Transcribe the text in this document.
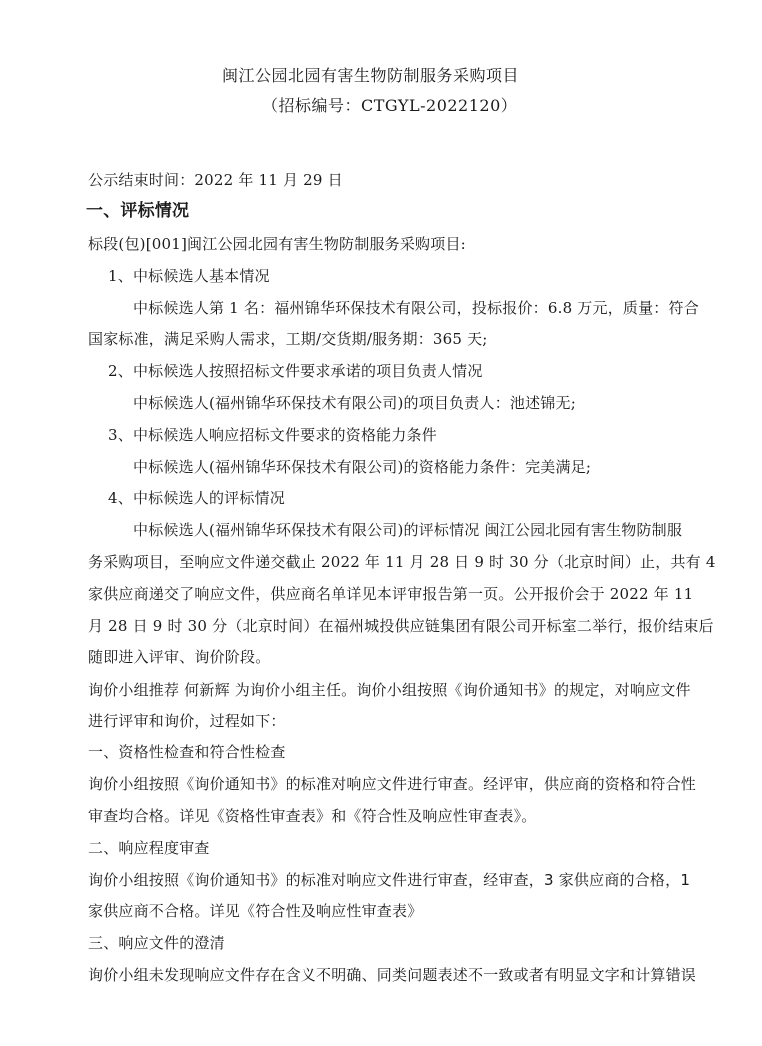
闽江公园北园有害生物防制服务采购项目
（招标编号：CTGYL-2022120）
公示结束时间：2022 年 11 月 29 日
一、评标情况
标段(包)[001]闽江公园北园有害生物防制服务采购项目:
1、中标候选人基本情况
中标候选人第 1 名：福州锦华环保技术有限公司，投标报价：6.8 万元，质量：符合
国家标准，满足采购人需求，工期/交货期/服务期：365 天;
2、中标候选人按照招标文件要求承诺的项目负责人情况
中标候选人(福州锦华环保技术有限公司)的项目负责人：池述锦无;
3、中标候选人响应招标文件要求的资格能力条件
中标候选人(福州锦华环保技术有限公司)的资格能力条件：完美满足;
4、中标候选人的评标情况
中标候选人(福州锦华环保技术有限公司)的评标情况 闽江公园北园有害生物防制服
务采购项目，至响应文件递交截止 2022 年 11 月 28 日 9 时 30 分（北京时间）止，共有 4
家供应商递交了响应文件，供应商名单详见本评审报告第一页。公开报价会于 2022 年 11
月 28 日 9 时 30 分（北京时间）在福州城投供应链集团有限公司开标室二举行，报价结束后
随即进入评审、询价阶段。
询价小组推荐 何新辉 为询价小组主任。询价小组按照《询价通知书》的规定，对响应文件
进行评审和询价，过程如下：
一、资格性检查和符合性检查
询价小组按照《询价通知书》的标准对响应文件进行审查。经评审，供应商的资格和符合性
审查均合格。详见《资格性审查表》和《符合性及响应性审查表》。
二、响应程度审查
询价小组按照《询价通知书》的标准对响应文件进行审查，经审查，3 家供应商的合格，1
家供应商不合格。详见《符合性及响应性审查表》
三、响应文件的澄清
询价小组未发现响应文件存在含义不明确、同类问题表述不一致或者有明显文字和计算错误
